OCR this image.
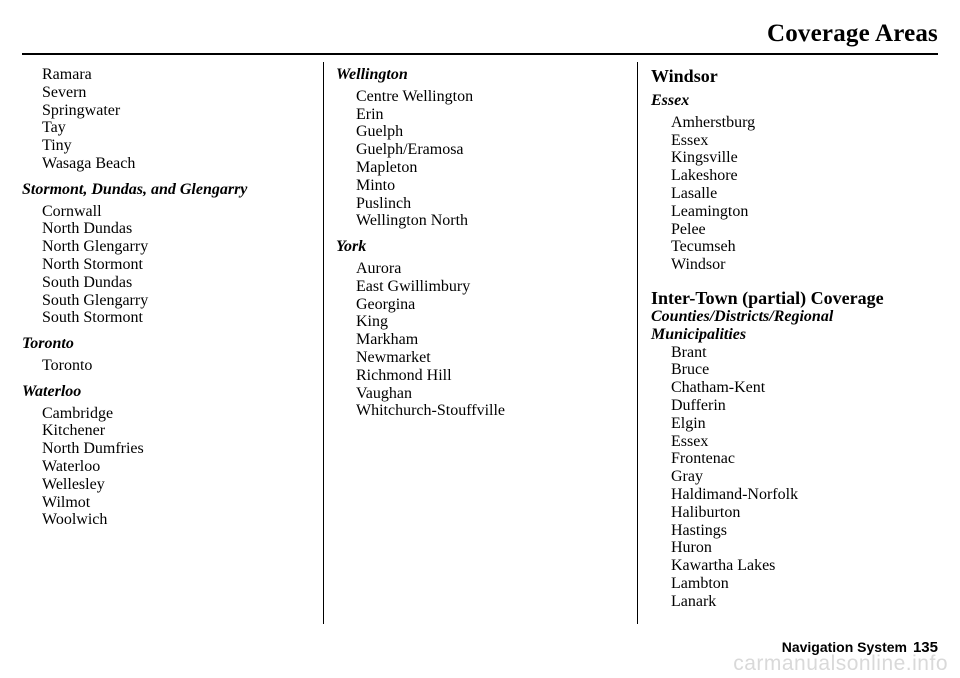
Coverage Areas
Ramara
Severn
Springwater
Tay
Tiny
Wasaga Beach
Stormont, Dundas, and Glengarry
Cornwall
North Dundas
North Glengarry
North Stormont
South Dundas
South Glengarry
South Stormont
Toronto
Toronto
Waterloo
Cambridge
Kitchener
North Dumfries
Waterloo
Wellesley
Wilmot
Woolwich
Wellington
Centre Wellington
Erin
Guelph
Guelph/Eramosa
Mapleton
Minto
Puslinch
Wellington North
York
Aurora
East Gwillimbury
Georgina
King
Markham
Newmarket
Richmond Hill
Vaughan
Whitchurch-Stouffville
Windsor
Essex
Amherstburg
Essex
Kingsville
Lakeshore
Lasalle
Leamington
Pelee
Tecumseh
Windsor
Inter-Town (partial) Coverage
Counties/Districts/Regional
Municipalities
Brant
Bruce
Chatham-Kent
Dufferin
Elgin
Essex
Frontenac
Gray
Haldimand-Norfolk
Haliburton
Hastings
Huron
Kawartha Lakes
Lambton
Lanark
Navigation System 135
carmanualsonline.info
